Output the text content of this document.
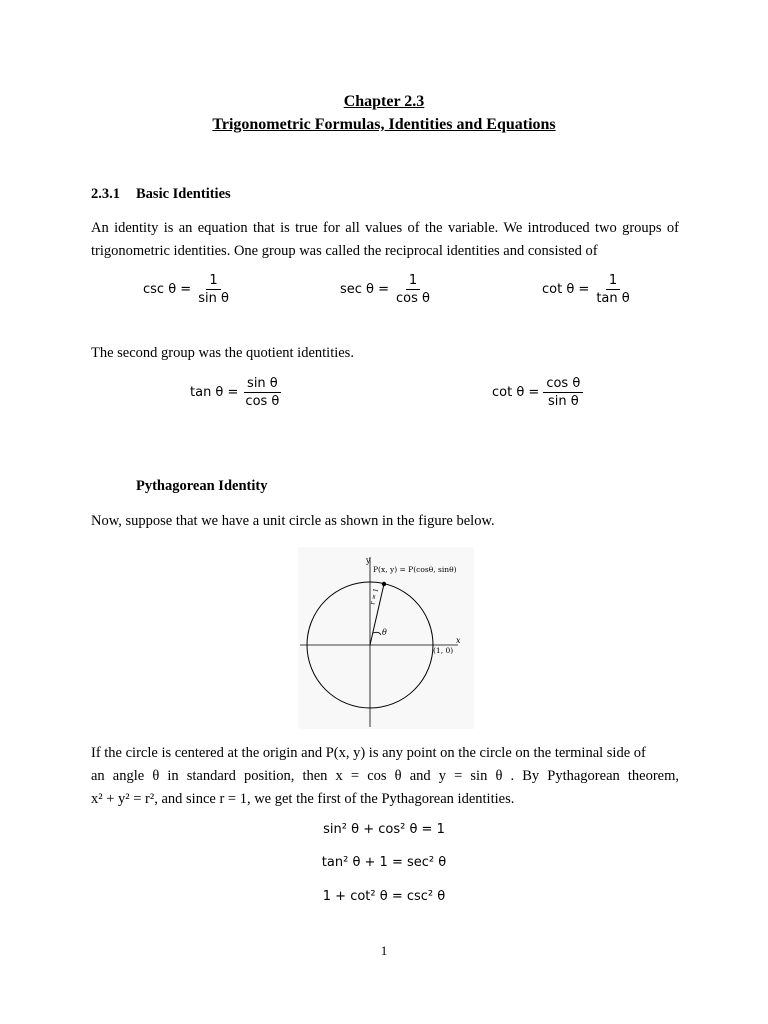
Chapter 2.3
Trigonometric Formulas, Identities and Equations
2.3.1 Basic Identities
An identity is an equation that is true for all values of the variable. We introduced two groups of trigonometric identities. One group was called the reciprocal identities and consisted of
$\csc \theta = \frac{1}{\text{sin θ}}$	$\sec \theta = \frac{1}{\text{cos θ}}$	$\cot \theta = \frac{1}{\text{tan θ}}$
The second group was the quotient identities.
$\tan \theta = \frac{\text{sin θ}}{\text{cos θ}}$	$\cot \theta = \frac{\text{cos θ}}{\text{sin θ}}$
Pythagorean Identity
Now, suppose that we have a unit circle as shown in the figure below.
y
x
P(x, y) = P(cosθ, sinθ)
r = 1
θ
(1, 0)
If the circle is centered at the origin and P(x, y) is any point on the circle on the terminal side of
an angle θ in standard position, then x = cos θ and y = sin θ . By Pythagorean theorem,
x² + y² = r², and since r = 1, we get the first of the Pythagorean identities.
sin² θ + cos² θ = 1
tan² θ + 1 = sec² θ
1 + cot² θ = csc² θ
1
